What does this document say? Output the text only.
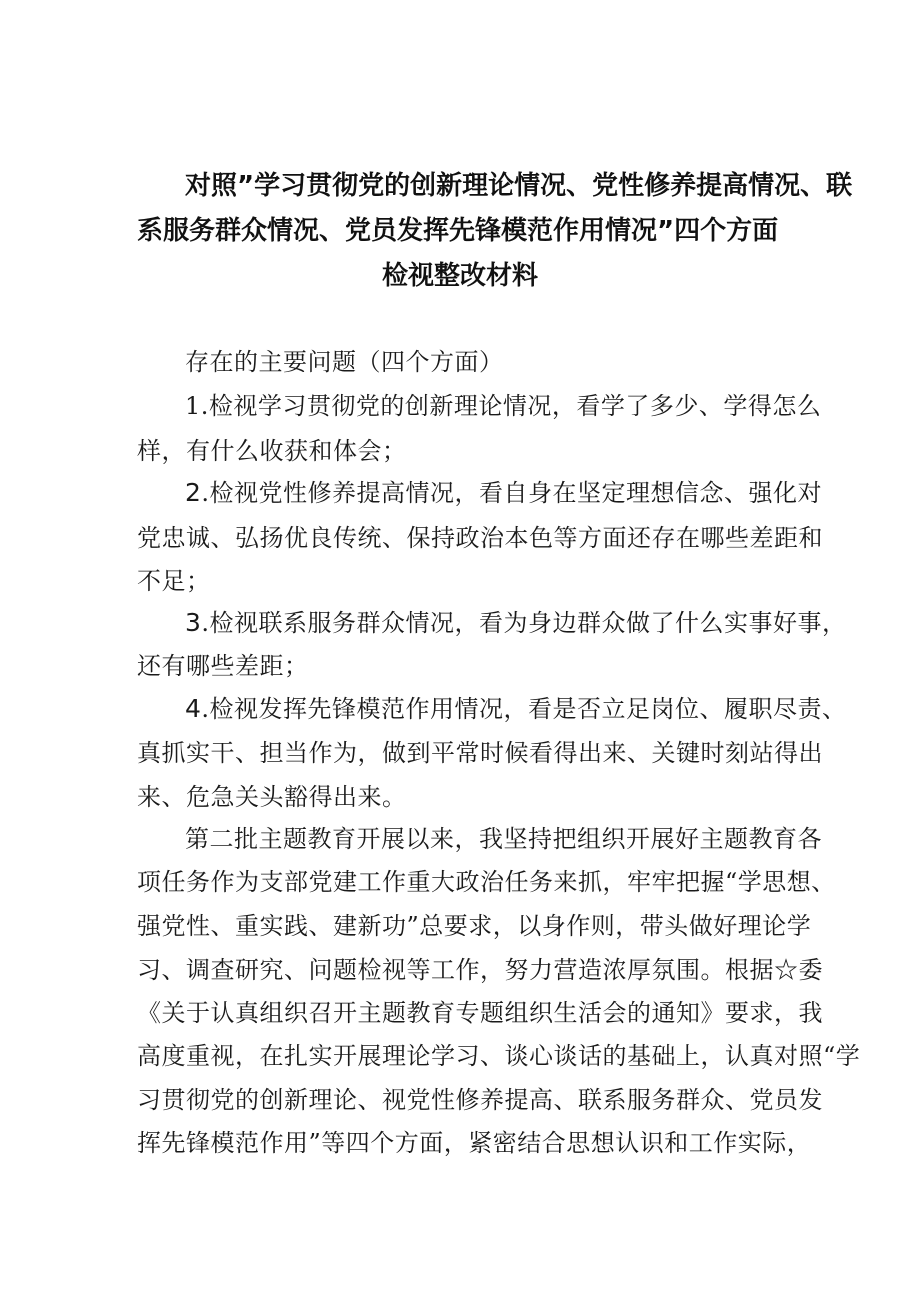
对照”学习贯彻党的创新理论情况、党性修养提高情况、联
系服务群众情况、党员发挥先锋模范作用情况”四个方面
检视整改材料
存在的主要问题（四个方面）
1.检视学习贯彻党的创新理论情况，看学了多少、学得怎么
样，有什么收获和体会；
2.检视党性修养提高情况，看自身在坚定理想信念、强化对
党忠诚、弘扬优良传统、保持政治本色等方面还存在哪些差距和
不足；
3.检视联系服务群众情况，看为身边群众做了什么实事好事，
还有哪些差距；
4.检视发挥先锋模范作用情况，看是否立足岗位、履职尽责、
真抓实干、担当作为，做到平常时候看得出来、关键时刻站得出
来、危急关头豁得出来。
第二批主题教育开展以来，我坚持把组织开展好主题教育各
项任务作为支部党建工作重大政治任务来抓，牢牢把握“学思想、
强党性、重实践、建新功”总要求，以身作则，带头做好理论学
习、调查研究、问题检视等工作，努力营造浓厚氛围。根据☆委
《关于认真组织召开主题教育专题组织生活会的通知》要求，我
高度重视，在扎实开展理论学习、谈心谈话的基础上，认真对照“学
习贯彻党的创新理论、视党性修养提高、联系服务群众、党员发
挥先锋模范作用”等四个方面，紧密结合思想认识和工作实际，
